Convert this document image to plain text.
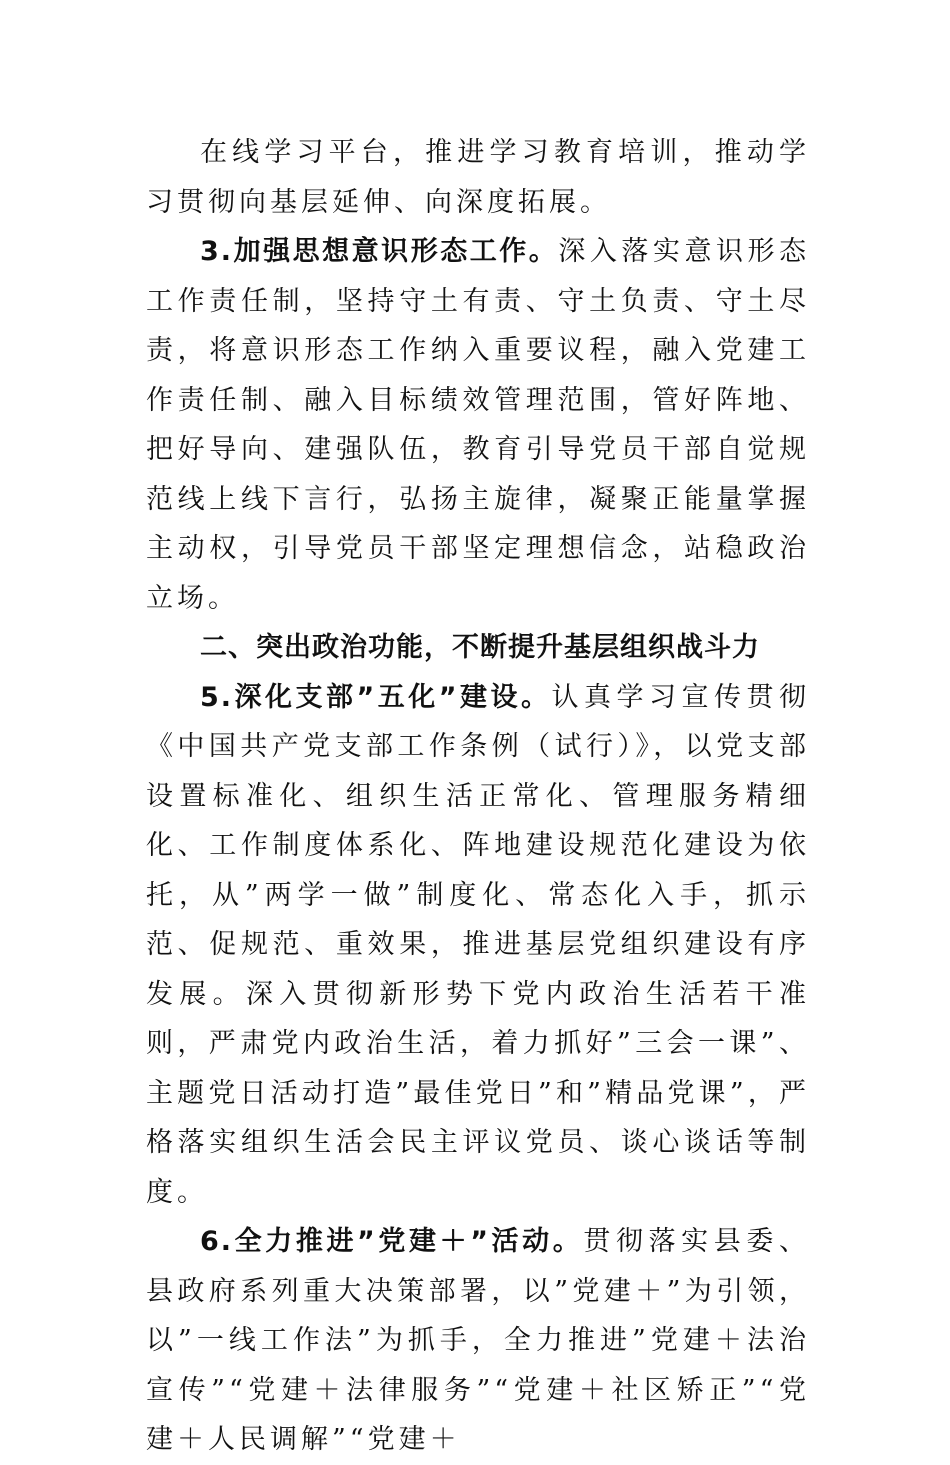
在线学习平台，推进学习教育培训，推动学习贯彻向基层延伸、向深度拓展。

3.加强思想意识形态工作。深入落实意识形态工作责任制，坚持守土有责、守土负责、守土尽责，将意识形态工作纳入重要议程，融入党建工作责任制、融入目标绩效管理范围，管好阵地、把好导向、建强队伍，教育引导党员干部自觉规范线上线下言行，弘扬主旋律，凝聚正能量掌握主动权，引导党员干部坚定理想信念，站稳政治立场。

二、突出政治功能，不断提升基层组织战斗力

5.深化支部”五化”建设。认真学习宣传贯彻《中国共产党支部工作条例（试行）》，以党支部设置标准化、组织生活正常化、管理服务精细化、工作制度体系化、阵地建设规范化建设为依托，从”两学一做”制度化、常态化入手，抓示范、促规范、重效果，推进基层党组织建设有序发展。深入贯彻新形势下党内政治生活若干准则，严肃党内政治生活，着力抓好”三会一课”、主题党日活动打造”最佳党日”和”精品党课”，严格落实组织生活会民主评议党员、谈心谈话等制度。

6.全力推进”党建＋”活动。贯彻落实县委、县政府系列重大决策部署，以”党建＋”为引领，以”一线工作法”为抓手，全力推进”党建＋法治宣传”“党建＋法律服务”“党建＋社区矫正”“党建＋人民调解”“党建＋
